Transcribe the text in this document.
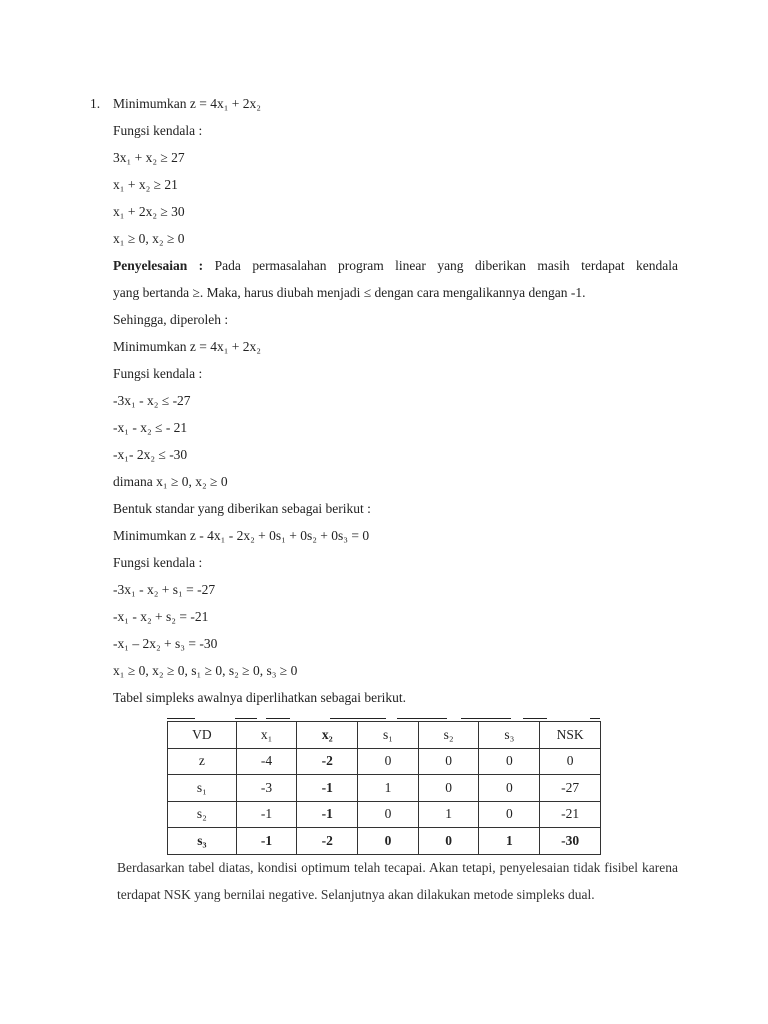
1. Minimumkan z = 4x₁ + 2x₂
Fungsi kendala :
3x₁ + x₂ ≥ 27
x₁ + x₂ ≥ 21
x₁ + 2x₂ ≥ 30
x₁ ≥ 0, x₂ ≥ 0
Penyelesaian : Pada permasalahan program linear yang diberikan masih terdapat kendala
yang bertanda ≥. Maka, harus diubah menjadi ≤ dengan cara mengalikannya dengan -1.
Sehingga, diperoleh :
Minimumkan z = 4x₁ + 2x₂
Fungsi kendala :
-3x₁ - x₂ ≤ -27
-x₁ - x₂ ≤ - 21
-x₁- 2x₂ ≤ -30
dimana x₁ ≥ 0, x₂ ≥ 0
Bentuk standar yang diberikan sebagai berikut :
Minimumkan z - 4x₁ - 2x₂ + 0s₁ + 0s₂ + 0s₃ = 0
Fungsi kendala :
-3x₁ - x₂ + s₁ = -27
-x₁ - x₂ + s₂ = -21
-x₁ – 2x₂ + s₃ = -30
x₁ ≥ 0, x₂ ≥ 0, s₁ ≥ 0, s₂ ≥ 0, s₃ ≥ 0
Tabel simpleks awalnya diperlihatkan sebagai berikut.
VD	x₁	x₂	s₁	s₂	s₃	NSK
z	-4	-2	0	0	0	0
s₁	-3	-1	1	0	0	-27
s₂	-1	-1	0	1	0	-21
s₃	-1	-2	0	0	1	-30
Berdasarkan tabel diatas, kondisi optimum telah tecapai. Akan tetapi, penyelesaian tidak fisibel karena terdapat NSK yang bernilai negative. Selanjutnya akan dilakukan metode simpleks dual.
